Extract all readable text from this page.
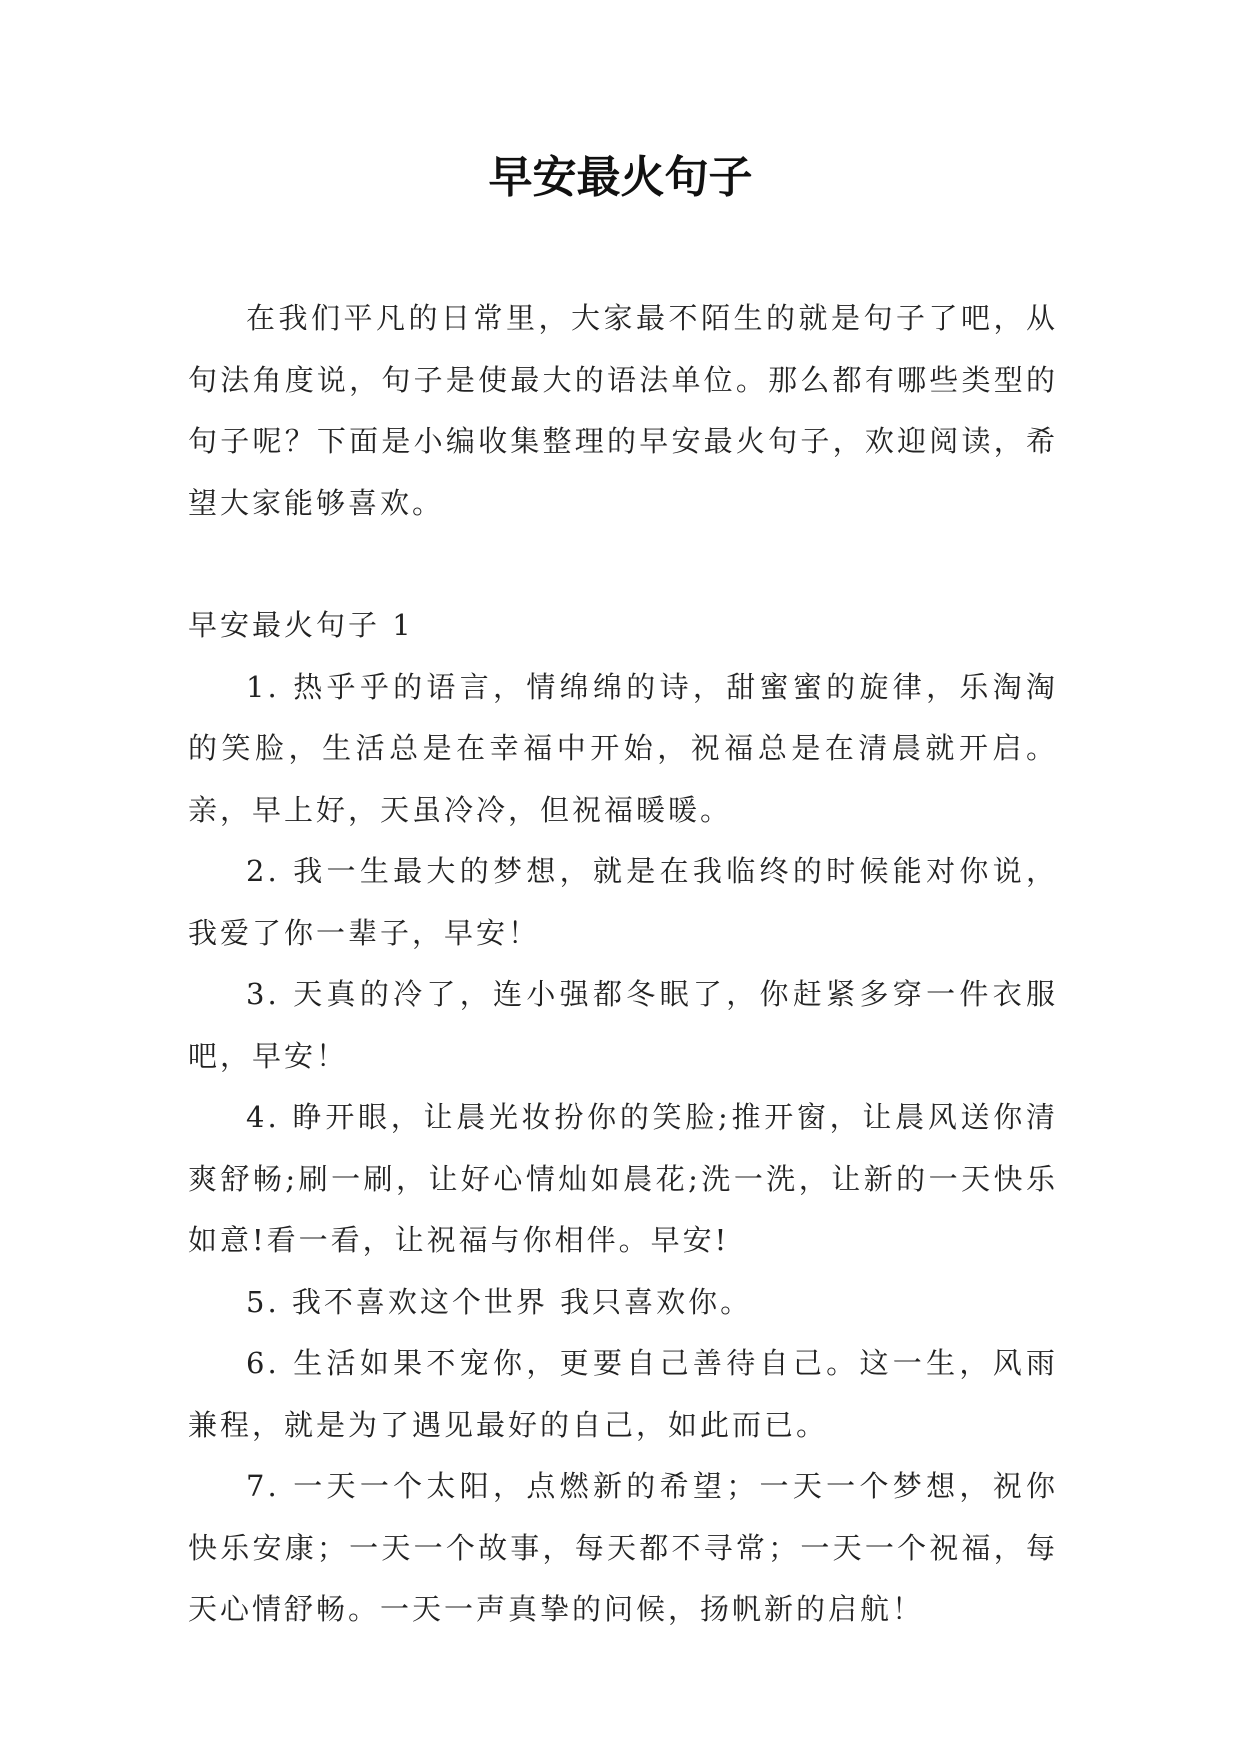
早安最火句子

在我们平凡的日常里，大家最不陌生的就是句子了吧，从句法角度说，句子是使最大的语法单位。那么都有哪些类型的句子呢？下面是小编收集整理的早安最火句子，欢迎阅读，希望大家能够喜欢。

早安最火句子 1

1. 热乎乎的语言，情绵绵的诗，甜蜜蜜的旋律，乐淘淘的笑脸，生活总是在幸福中开始，祝福总是在清晨就开启。亲，早上好，天虽冷冷，但祝福暖暖。

2. 我一生最大的梦想，就是在我临终的时候能对你说，我爱了你一辈子，早安！

3. 天真的冷了，连小强都冬眠了，你赶紧多穿一件衣服吧，早安！

4. 睁开眼，让晨光妆扮你的笑脸;推开窗，让晨风送你清爽舒畅;刷一刷，让好心情灿如晨花;洗一洗，让新的一天快乐如意!看一看，让祝福与你相伴。早安!

5. 我不喜欢这个世界 我只喜欢你。

6. 生活如果不宠你，更要自己善待自己。这一生，风雨兼程，就是为了遇见最好的自己，如此而已。

7. 一天一个太阳，点燃新的希望；一天一个梦想，祝你快乐安康；一天一个故事，每天都不寻常；一天一个祝福，每天心情舒畅。一天一声真挚的问候，扬帆新的启航！
